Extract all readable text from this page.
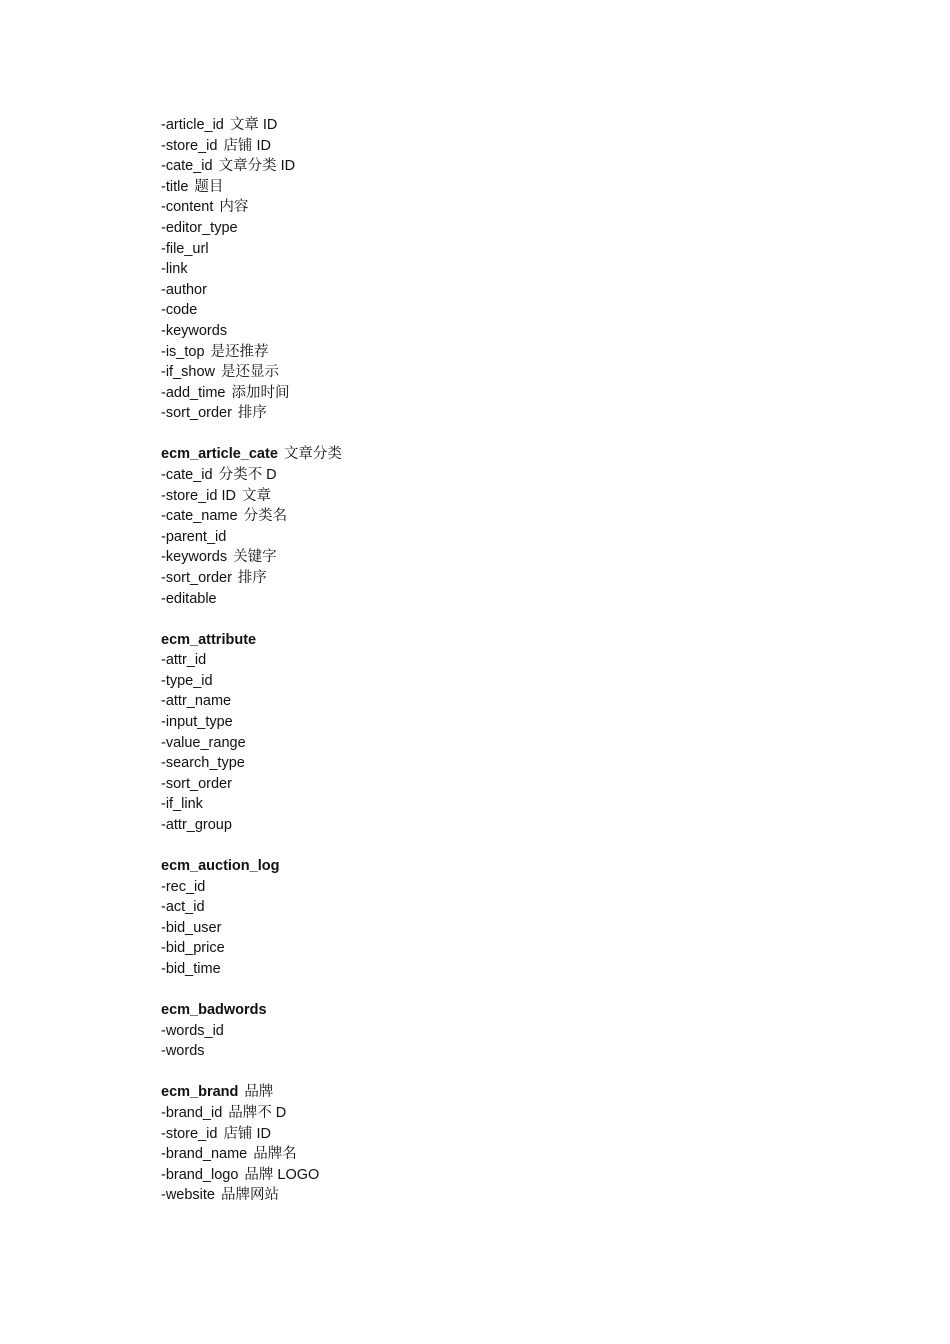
-article_id 文章 ID
-store_id 店铺 ID
-cate_id 文章分类 ID
-title 题目
-content 内容
-editor_type
-file_url
-link
-author
-code
-keywords
-is_top 是还推荐
-if_show 是还显示
-add_time 添加时间
-sort_order 排序
ecm_article_cate 文章分类
-cate_id 分类不 D
-store_id ID 文章
-cate_name 分类名
-parent_id
-keywords 关键字
-sort_order 排序
-editable
ecm_attribute
-attr_id
-type_id
-attr_name
-input_type
-value_range
-search_type
-sort_order
-if_link
-attr_group
ecm_auction_log
-rec_id
-act_id
-bid_user
-bid_price
-bid_time
ecm_badwords
-words_id
-words
ecm_brand 品牌
-brand_id 品牌不 D
-store_id 店铺 ID
-brand_name 品牌名
-brand_logo 品牌 LOGO
-website 品牌网站
